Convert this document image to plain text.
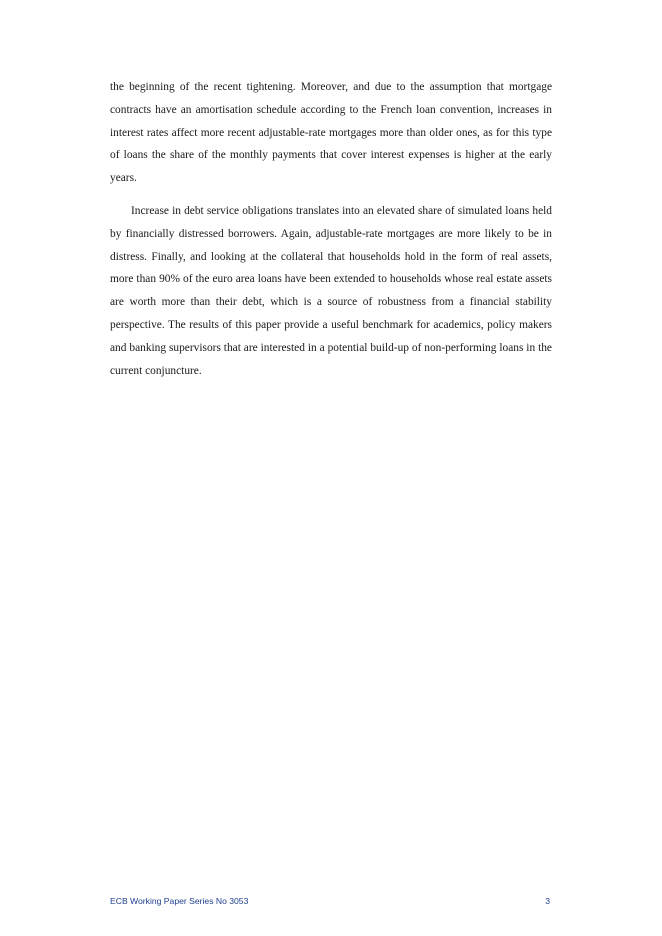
the beginning of the recent tightening. Moreover, and due to the assumption that mortgage contracts have an amortisation schedule according to the French loan convention, increases in interest rates affect more recent adjustable-rate mortgages more than older ones, as for this type of loans the share of the monthly payments that cover interest expenses is higher at the early years.

Increase in debt service obligations translates into an elevated share of simulated loans held by financially distressed borrowers. Again, adjustable-rate mortgages are more likely to be in distress. Finally, and looking at the collateral that households hold in the form of real assets, more than 90% of the euro area loans have been extended to households whose real estate assets are worth more than their debt, which is a source of robustness from a financial stability perspective. The results of this paper provide a useful benchmark for academics, policy makers and banking supervisors that are interested in a potential build-up of non-performing loans in the current conjuncture.

ECB Working Paper Series No 3053	3
